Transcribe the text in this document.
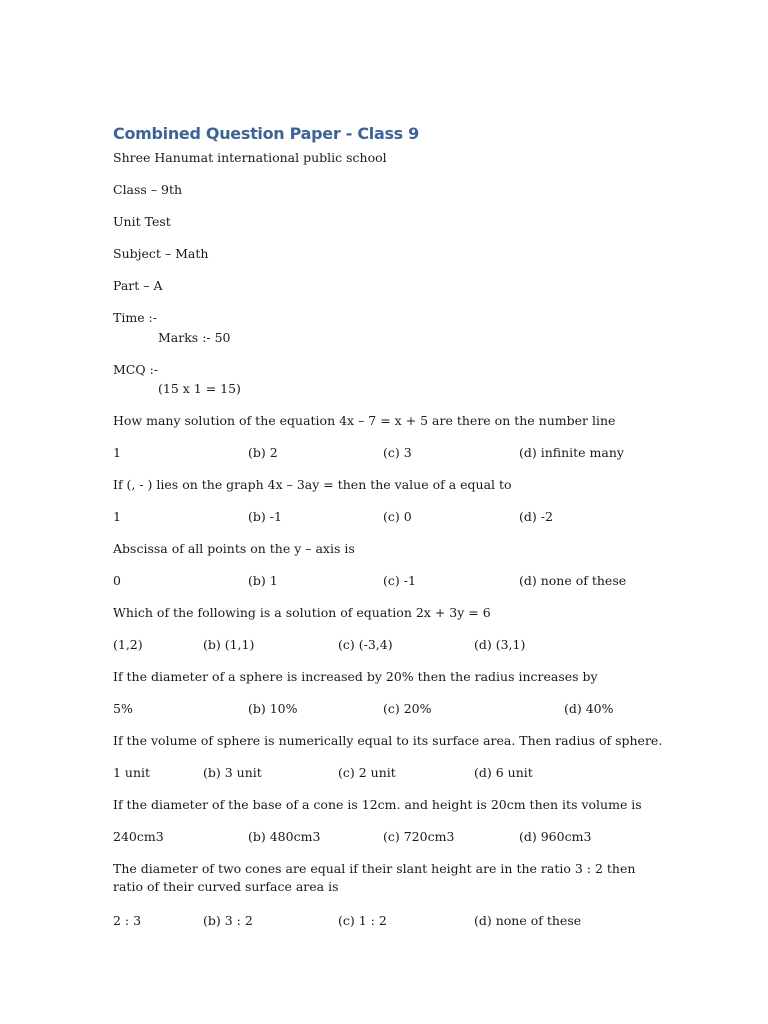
Combined Question Paper - Class 9
Shree Hanumat international public school
Class – 9th
Unit Test
Subject – Math
Part – A
Time :-
Marks :- 50
MCQ :-
(15 x 1 = 15)
How many solution of the equation 4x – 7 = x + 5 are there on the number line
1	(b) 2	(c) 3	(d) infinite many
If (, - ) lies on the graph 4x – 3ay = then the value of a equal to
1	(b) -1	(c) 0	(d) -2
Abscissa of all points on the y – axis is
0	(b) 1	(c) -1	(d) none of these
Which of the following is a solution of equation 2x + 3y = 6
(1,2)	(b) (1,1)	(c) (-3,4)	(d) (3,1)
If the diameter of a sphere is increased by 20% then the radius increases by
5%	(b) 10%	(c) 20%	(d) 40%
If the volume of sphere is numerically equal to its surface area. Then radius of sphere.
1 unit	(b) 3 unit	(c) 2 unit	(d) 6 unit
If the diameter of the base of a cone is 12cm. and height is 20cm then its volume is
240cm3	(b) 480cm3	(c) 720cm3	(d) 960cm3
The diameter of two cones are equal if their slant height are in the ratio 3 : 2 then ratio of their curved surface area is
2 : 3	(b) 3 : 2	(c) 1 : 2	(d) none of these
